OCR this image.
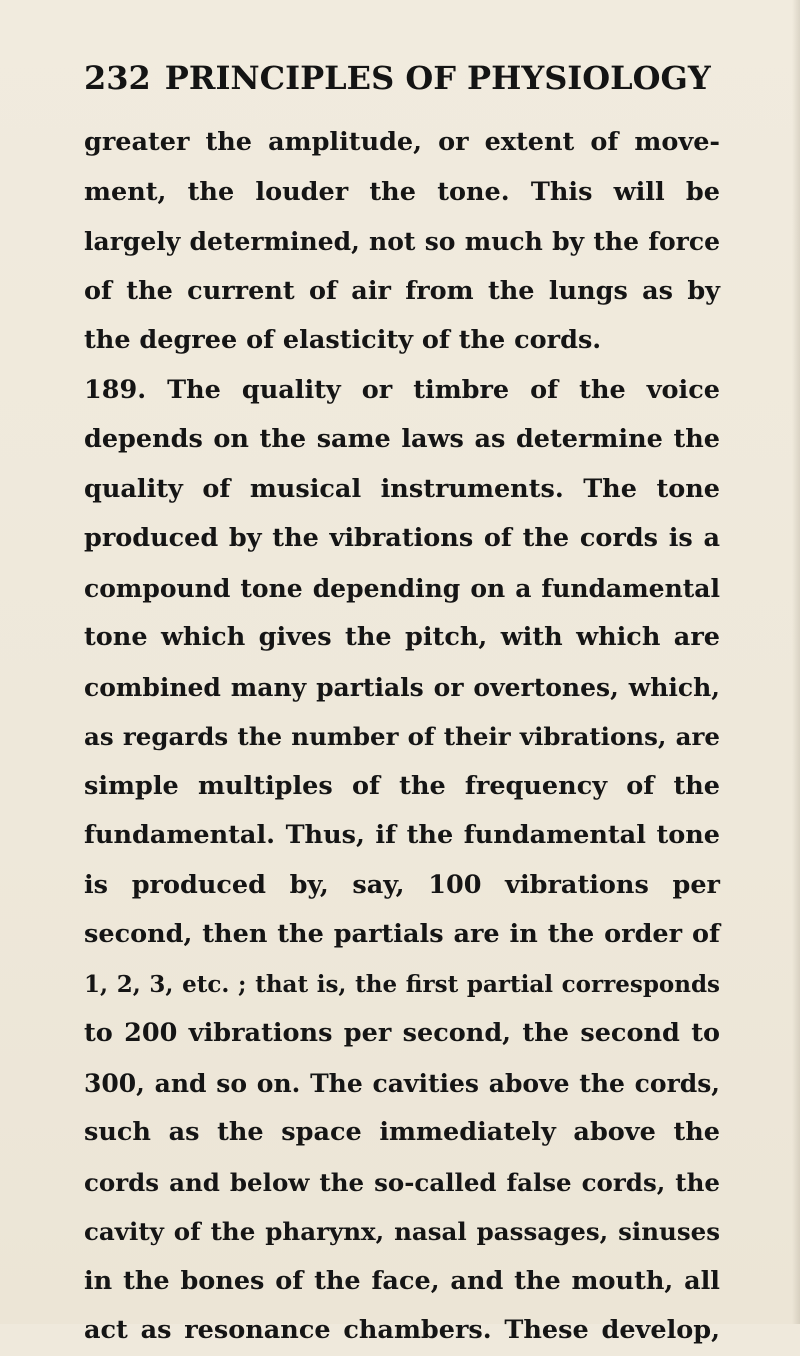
232 PRINCIPLES OF PHYSIOLOGY
greater the amplitude, or extent of move-
ment, the louder the tone. This will be
largely determined, not so much by the force
of the current of air from the lungs as by
the degree of elasticity of the cords.
189. The quality or timbre of the voice
depends on the same laws as determine the
quality of musical instruments. The tone
produced by the vibrations of the cords is a
compound tone depending on a fundamental
tone which gives the pitch, with which are
combined many partials or overtones, which,
as regards the number of their vibrations, are
simple multiples of the frequency of the
fundamental. Thus, if the fundamental tone
is produced by, say, 100 vibrations per
second, then the partials are in the order of
1, 2, 3, etc. ; that is, the first partial corresponds
to 200 vibrations per second, the second to
300, and so on. The cavities above the cords,
such as the space immediately above the
cords and below the so-called false cords, the
cavity of the pharynx, nasal passages, sinuses
in the bones of the face, and the mouth, all
act as resonance chambers. These develop,
